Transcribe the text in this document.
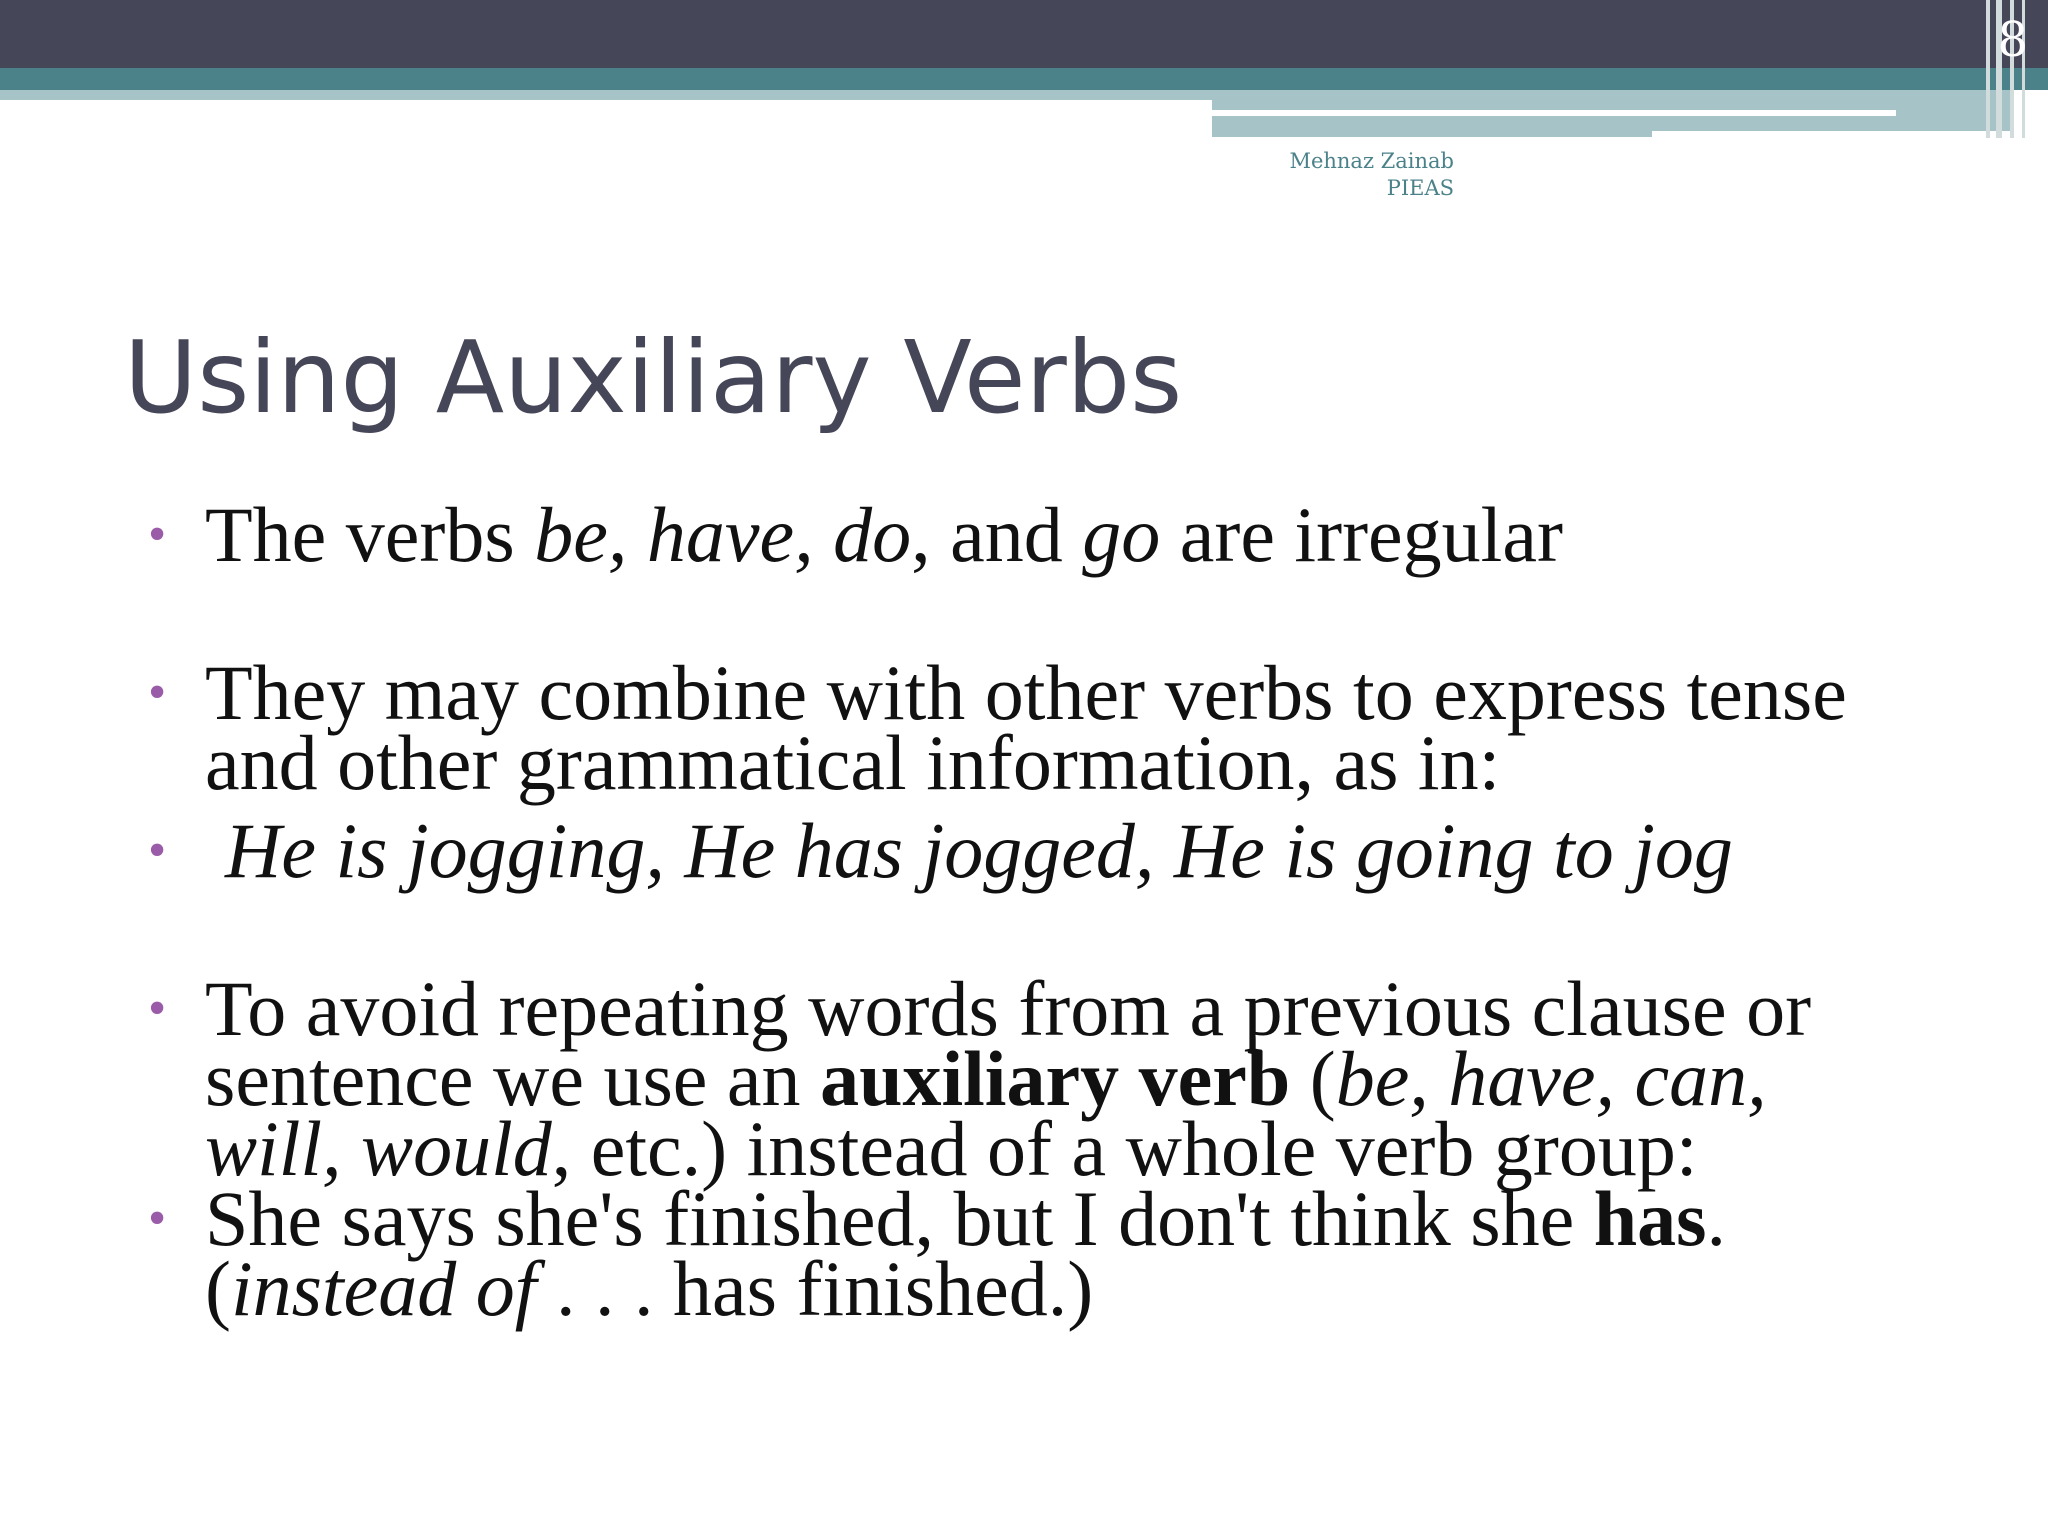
8
Mehnaz Zainab
PIEAS
Using Auxiliary Verbs
• The verbs be, have, do, and go are irregular
• They may combine with other verbs to express tense
and other grammatical information, as in:
• He is jogging, He has jogged, He is going to jog
• To avoid repeating words from a previous clause or
sentence we use an auxiliary verb (be, have, can,
will, would, etc.) instead of a whole verb group:
• She says she's finished, but I don't think she has.
(instead of . . . has finished.)
